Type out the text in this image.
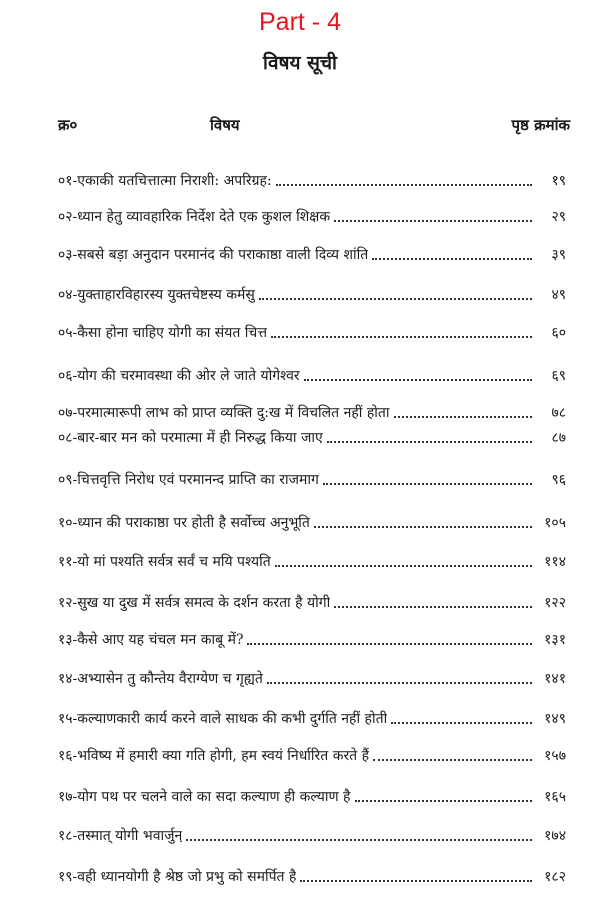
Part - 4
विषय सूची
क्र०	विषय	पृष्ठ क्रमांक
०१- एकाकी यतचित्तात्मा निराशी: अपरिग्रह:	१९
०२- ध्यान हेतु व्यावहारिक निर्देश देते एक कुशल शिक्षक	२९
०३- सबसे बड़ा अनुदान परमानंद की पराकाष्ठा वाली दिव्य शांति	३९
०४- युक्ताहारविहारस्य युक्तचेष्टस्य कर्मसु	४९
०५- कैसा होना चाहिए योगी का संयत चित्त	६०
०६- योग की चरमावस्था की ओर ले जाते योगेश्वर	६९
०७- परमात्मारूपी लाभ को प्राप्त व्यक्ति दु:ख में विचलित नहीं होता	७८
०८- बार-बार मन को परमात्मा में ही निरुद्ध किया जाए	८७
०९- चित्तवृत्ति निरोध एवं परमानन्द प्राप्ति का राजमाग	९६
१०- ध्यान की पराकाष्ठा पर होती है सर्वोच्च अनुभूति	१०५
११- यो मां पश्यति सर्वत्र सर्वं च मयि पश्यति	११४
१२- सुख या दुख में सर्वत्र समत्व के दर्शन करता है योगी	१२२
१३- कैसे आए यह चंचल मन काबू में?	१३१
१४- अभ्यासेन तु कौन्तेय वैराग्येण च गृह्यते	१४१
१५- कल्याणकारी कार्य करने वाले साधक की कभी दुर्गति नहीं होती	१४९
१६- भविष्य में हमारी क्या गति होगी, हम स्वयं निर्धारित करते हैं	१५७
१७- योग पथ पर चलने वाले का सदा कल्याण ही कल्याण है	१६५
१८- तस्मात् योगी भवार्जुन्	१७४
१९- वही ध्यानयोगी है श्रेष्ठ जो प्रभु को समर्पित है	१८२
